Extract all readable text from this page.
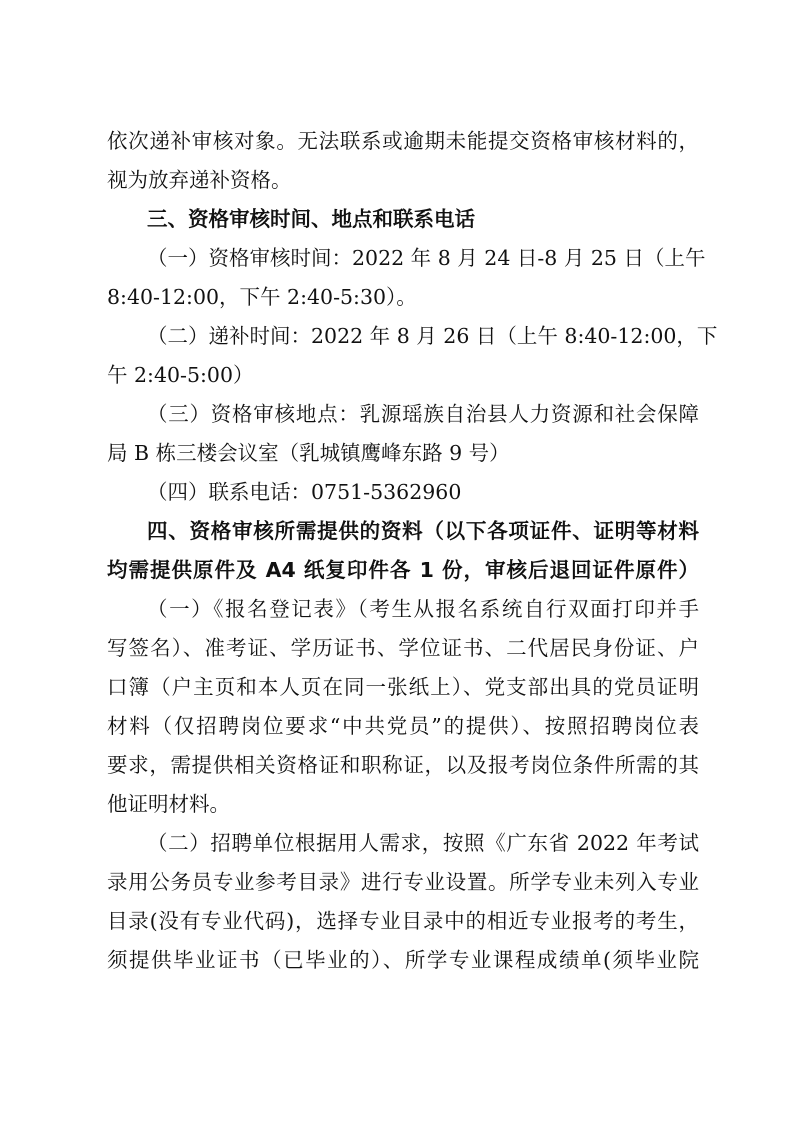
依次递补审核对象。无法联系或逾期未能提交资格审核材料的，
视为放弃递补资格。
三、资格审核时间、地点和联系电话
（一）资格审核时间：2022 年 8 月 24 日-8 月 25 日（上午
8:40-12:00，下午 2:40-5:30）。
（二）递补时间：2022 年 8 月 26 日（上午 8:40-12:00，下
午 2:40-5:00）
（三）资格审核地点：乳源瑶族自治县人力资源和社会保障
局 B 栋三楼会议室（乳城镇鹰峰东路 9 号）
（四）联系电话：0751-5362960
四、资格审核所需提供的资料（以下各项证件、证明等材料
均需提供原件及 A4 纸复印件各 1 份，审核后退回证件原件）
（一）《报名登记表》（考生从报名系统自行双面打印并手
写签名）、准考证、学历证书、学位证书、二代居民身份证、户
口簿（户主页和本人页在同一张纸上）、党支部出具的党员证明
材料（仅招聘岗位要求“中共党员”的提供）、按照招聘岗位表
要求，需提供相关资格证和职称证，以及报考岗位条件所需的其
他证明材料。
（二）招聘单位根据用人需求，按照《广东省 2022 年考试
录用公务员专业参考目录》进行专业设置。所学专业未列入专业
目录(没有专业代码)，选择专业目录中的相近专业报考的考生，
须提供毕业证书（已毕业的）、所学专业课程成绩单(须毕业院
